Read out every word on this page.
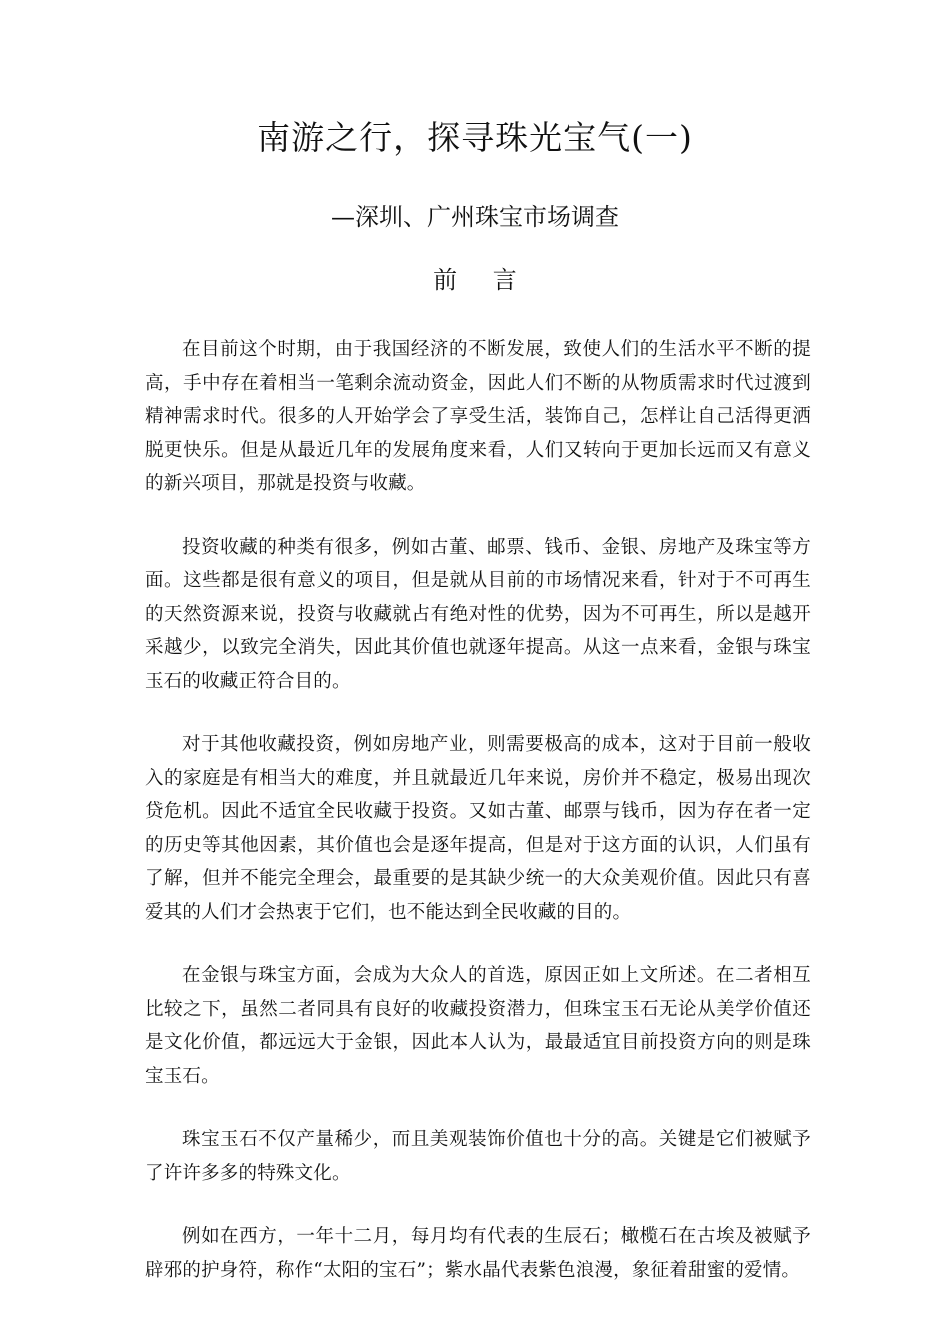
南游之行，探寻珠光宝气(一)
—深圳、广州珠宝市场调查
前 言

在目前这个时期，由于我国经济的不断发展，致使人们的生活水平不断的提高，手中存在着相当一笔剩余流动资金，因此人们不断的从物质需求时代过渡到精神需求时代。很多的人开始学会了享受生活，装饰自己，怎样让自己活得更洒脱更快乐。但是从最近几年的发展角度来看，人们又转向于更加长远而又有意义的新兴项目，那就是投资与收藏。

投资收藏的种类有很多，例如古董、邮票、钱币、金银、房地产及珠宝等方面。这些都是很有意义的项目，但是就从目前的市场情况来看，针对于不可再生的天然资源来说，投资与收藏就占有绝对性的优势，因为不可再生，所以是越开采越少，以致完全消失，因此其价值也就逐年提高。从这一点来看，金银与珠宝玉石的收藏正符合目的。

对于其他收藏投资，例如房地产业，则需要极高的成本，这对于目前一般收入的家庭是有相当大的难度，并且就最近几年来说，房价并不稳定，极易出现次贷危机。因此不适宜全民收藏于投资。又如古董、邮票与钱币，因为存在者一定的历史等其他因素，其价值也会是逐年提高，但是对于这方面的认识，人们虽有了解，但并不能完全理会，最重要的是其缺少统一的大众美观价值。因此只有喜爱其的人们才会热衷于它们，也不能达到全民收藏的目的。

在金银与珠宝方面，会成为大众人的首选，原因正如上文所述。在二者相互比较之下，虽然二者同具有良好的收藏投资潜力，但珠宝玉石无论从美学价值还是文化价值，都远远大于金银，因此本人认为，最最适宜目前投资方向的则是珠宝玉石。

珠宝玉石不仅产量稀少，而且美观装饰价值也十分的高。关键是它们被赋予了许许多多的特殊文化。

例如在西方，一年十二月，每月均有代表的生辰石；橄榄石在古埃及被赋予辟邪的护身符，称作“太阳的宝石”；紫水晶代表紫色浪漫，象征着甜蜜的爱情。
